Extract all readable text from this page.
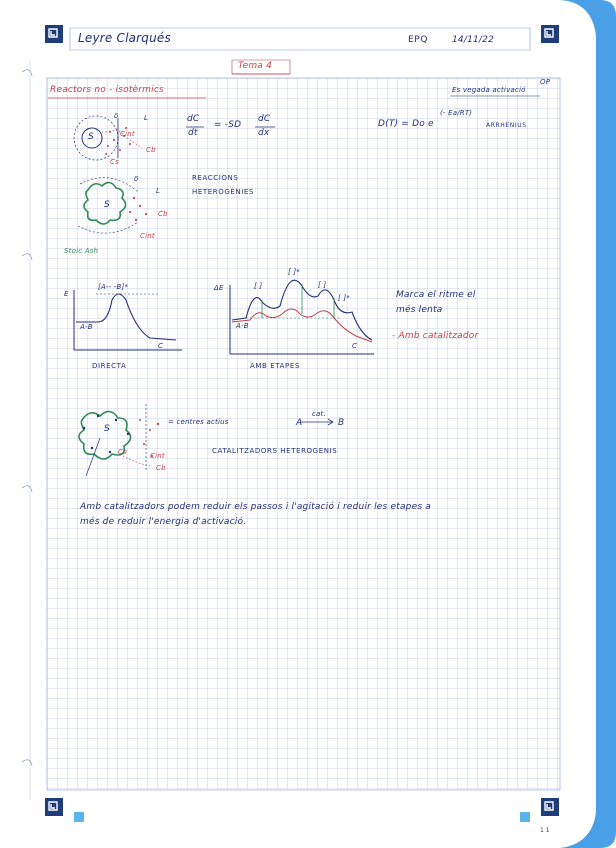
1 1
Leyre Clarqués	EPQ	14/11/22
Tema 4
Reactors no - isotèrmics	Es vegada activació
OP
dC
dt
= -SD
dC
dx
D(T) = Do e
(- Ea/RT)
ARRHENIUS
S
δ	L
Cint
Cb
Cs
S
δ
L
Cb
Cint
Stoic Ash
REACCIONS
HETEROGÈNIES
E
[A-- -B]*
A-B
C
DIRECTA
ΔE
A-B
C
[ ]
[ ]*
[ ]
[ ]*
AMB ETAPES
Marca el ritme el
més lenta
- Amb catalitzador
S
= centres actius	A
cat.
B
CATALITZADORS HETEROGENIS
Cs	Cint
Cb
Amb catalitzadors podem reduir els passos i l'agitació i reduir les etapes a
més de reduir l'energia d'activació.
